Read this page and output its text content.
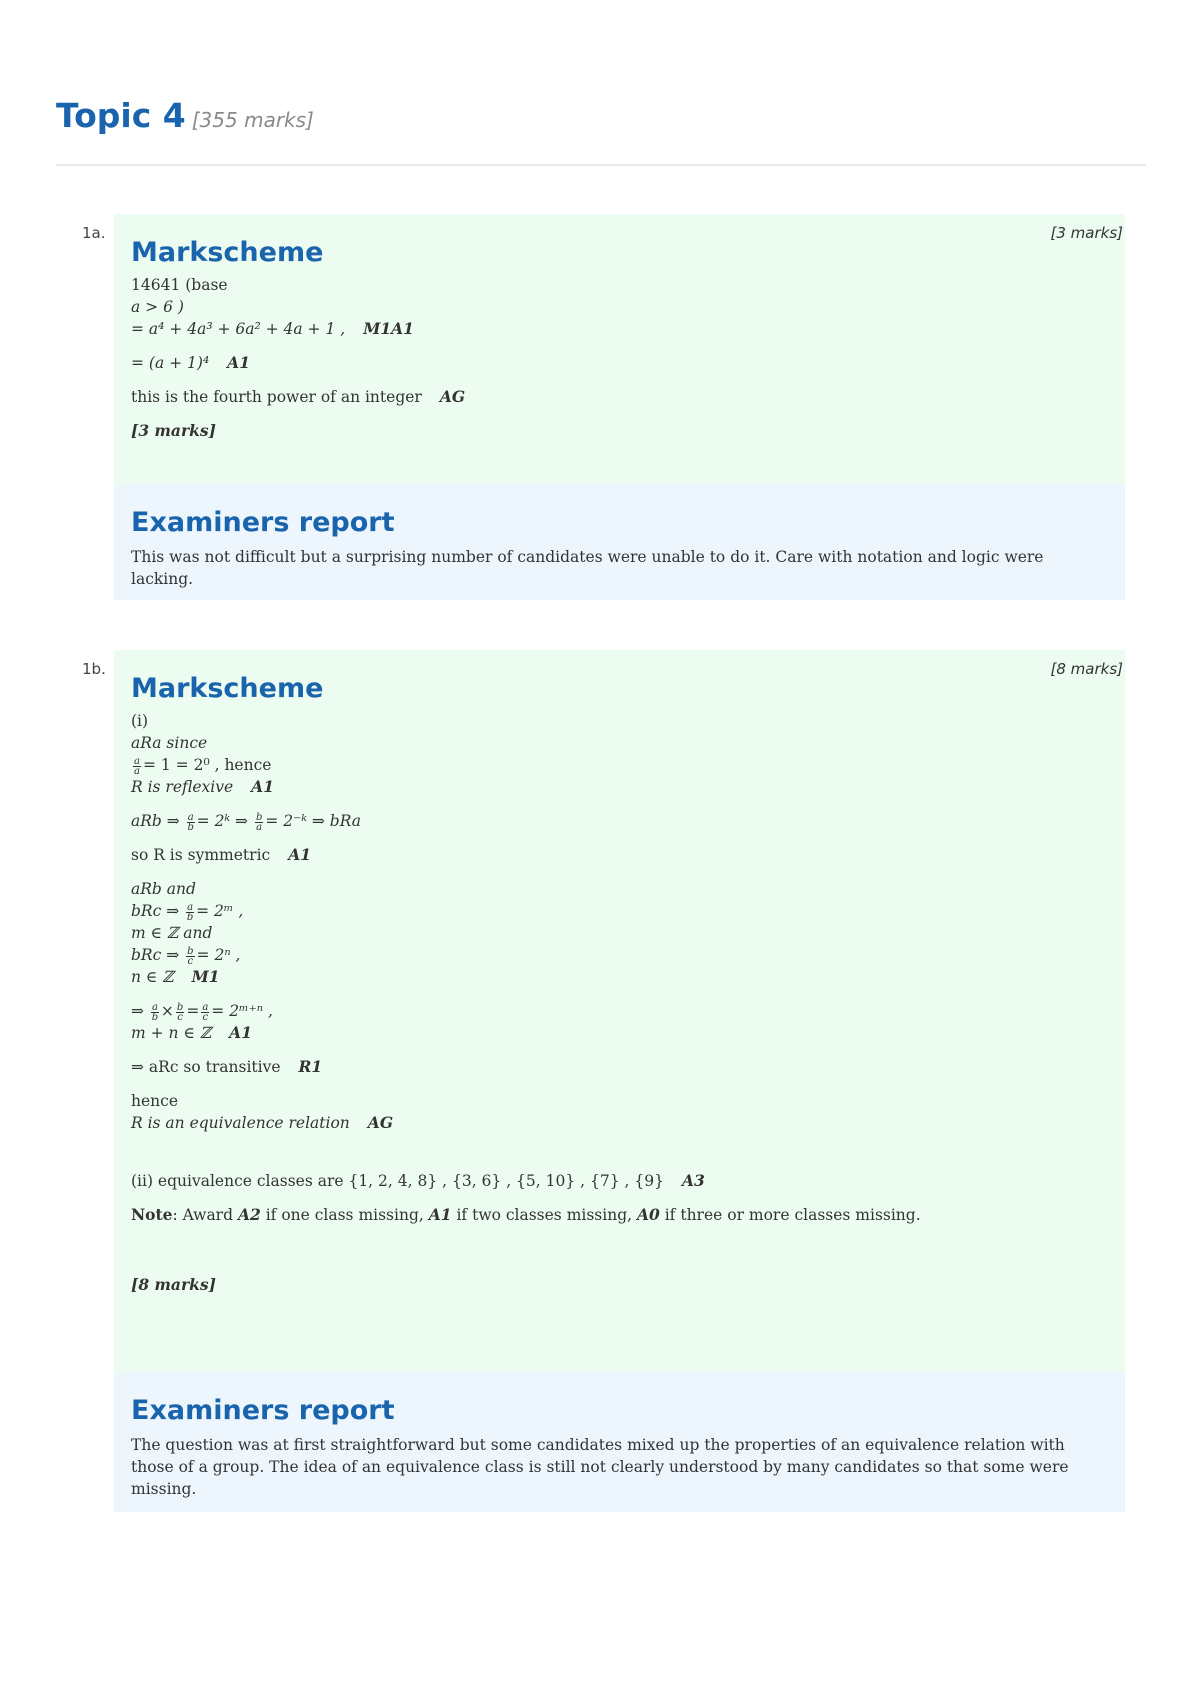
Topic 4 [355 marks]
1a.	[3 marks]
Markscheme

14641 (base

a > 6 )

= a⁴ + 4a³ + 6a² + 4a + 1 , M1A1

= (a + 1)⁴ A1

this is the fourth power of an integer AG

[3 marks]

Examiners report

This was not difficult but a surprising number of candidates were unable to do it. Care with notation and logic were lacking.

1b.	[8 marks]
Markscheme

(i)

aRa since

$\frac{a}{a} = 1 = 2^0$ , hence

R is reflexive A1

aRb ⇒ $\frac{a}{b}$ = 2ᵏ ⇒ $\frac{b}{a}$ = 2⁻ᵏ ⇒ bRa

so R is symmetric A1

aRb and

bRc ⇒ $\frac{a}{b}$ = 2ᵐ ,

m ∈ ℤ and

bRc ⇒ $\frac{b}{c} = 2^n$ ,

n ∈ ℤ M1

⇒ $\frac{a}{b} \times \frac{b}{c} = \frac{a}{c}$ = 2ᵐ⁺ⁿ ,

m + n ∈ ℤ A1

⇒ aRc so transitive R1

hence

R is an equivalence relation AG

(ii) equivalence classes are {1, 2, 4, 8} , {3, 6} , {5, 10} , {7} , {9} A3

Note: Award A2 if one class missing, A1 if two classes missing, A0 if three or more classes missing.

[8 marks]

Examiners report

The question was at first straightforward but some candidates mixed up the properties of an equivalence relation with those of a group. The idea of an equivalence class is still not clearly understood by many candidates so that some were missing.
